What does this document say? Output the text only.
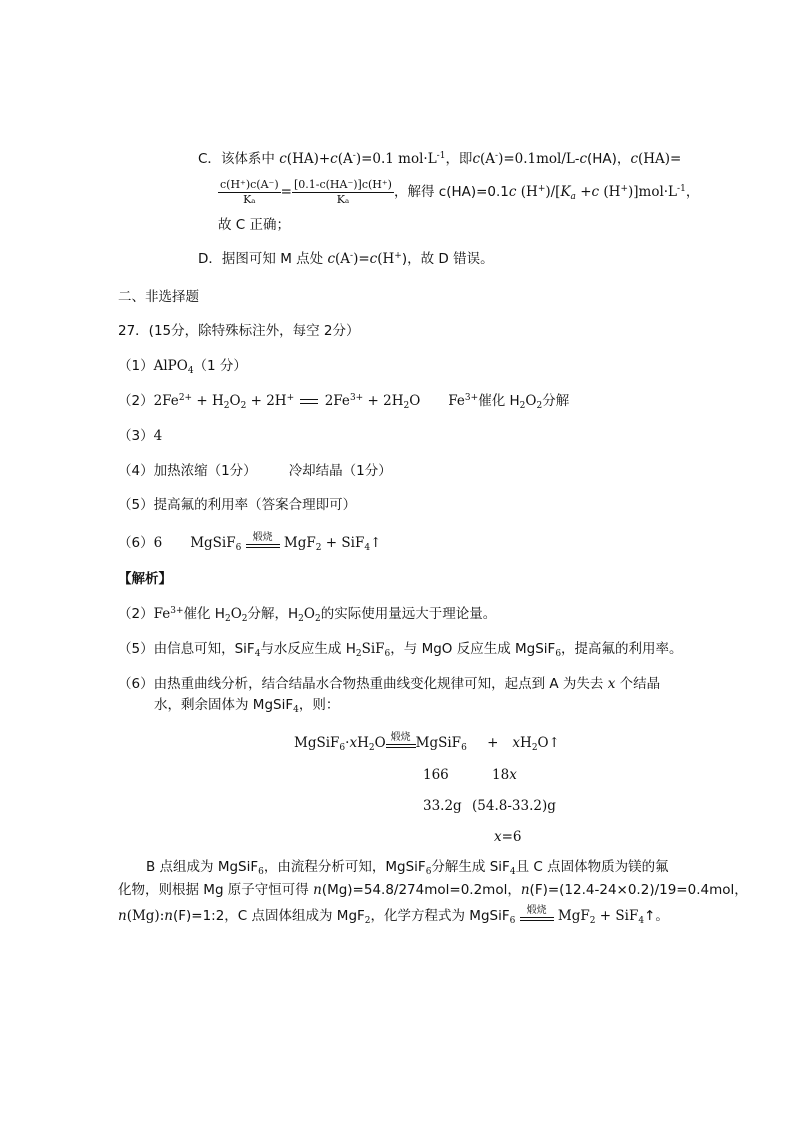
C．该体系中 c(HA)+c(A-)=0.1 $mol\cdot L^{-1}$，即c(A-)=0.1mol/L-c(HA)，c(HA)=
$\frac{c(H^+)c(A^-)}{\text{Kₐ}} = \frac{[0.1-c(HA^-)]c(H^+)}{\text{Kₐ}}$ ，解得 c(HA)=0.1c $(H^+)/[K_a +c$ $(H^+)]mol\cdot L^{-1}$，
故 C 正确；
D．据图可知 M 点处 c(A-)=c(H+)，故 D 错误。
二、非选择题
27．(15分，除特殊标注外，每空 2分）
（1）AlPO$_4$（1 分）
$(2)2Fe^{2+} + H_2O_2 + 2H^+$ $2Fe^{3+} + 2H_2O$ $Fe^{3+}$催化 $H_2O_2$分解
（3）4
（4）加热浓缩（1分） 冷却结晶（1分）
（5）提高氟的利用率（答案合理即可）
（6）6 MgSiF$_6$
煅烧 MgF$_2$ + SiF$_4$↑
【解析】
$(2)Fe^{3+}$催化 $H_2O_2$分解，$H_2O_2$的实际使用量远大于理论量。
（5）由信息可知，SiF$_4$与水反应生成 $H_2SiF_6$，与 MgO 反应生成 MgSiF$_6$，提高氟的利用率。
（6）由热重曲线分析，结合结晶水合物热重曲线变化规律可知，起点到 A 为失去 x 个结晶
水，剩余固体为 MgSiF$_4$，则：
$MgSiF_6\cdot xH_2O$ 煅烧 MgSiF$_6$ + $xH_2O↑$
166	18x
33.2g (54.8-33.2)g
x=6
B 点组成为 MgSiF$_6$，由流程分析可知，MgSiF$_6$分解生成 SiF$_4$且 C 点固体物质为镁的氟
化物，则根据 Mg 原子守恒可得 n(Mg)=54.8/274mol=0.2mol，n(F)=(12.4-24×0.2)/19=0.4mol，
n(Mg):n(F)=1:2，C 点固体组成为 MgF$_2$，化学方程式为 MgSiF$_6$
煅烧 MgF$_2$ + SiF$_4$↑。
